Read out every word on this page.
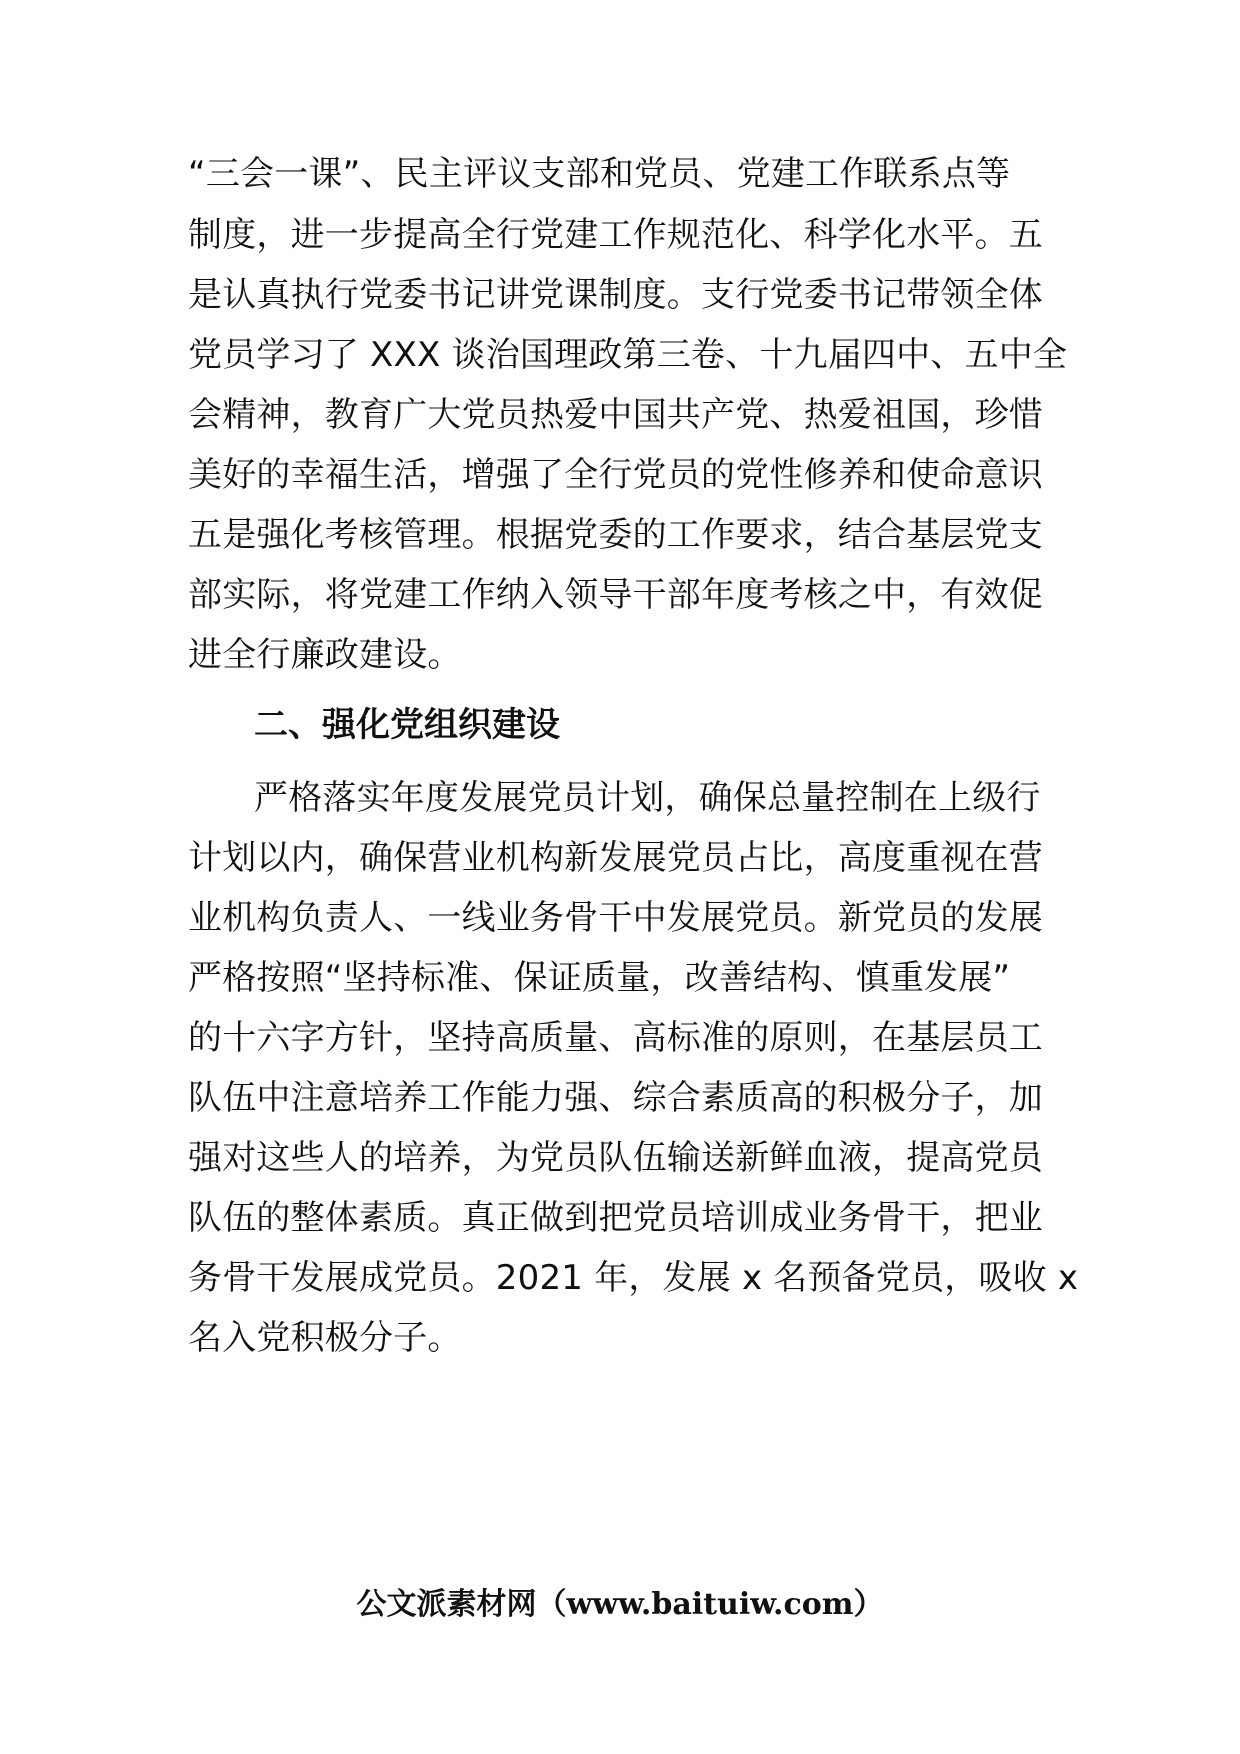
“三会一课”、民主评议支部和党员、党建工作联系点等
制度，进一步提高全行党建工作规范化、科学化水平。五
是认真执行党委书记讲党课制度。支行党委书记带领全体
党员学习了 XXX 谈治国理政第三卷、十九届四中、五中全
会精神，教育广大党员热爱中国共产党、热爱祖国，珍惜
美好的幸福生活，增强了全行党员的党性修养和使命意识
五是强化考核管理。根据党委的工作要求，结合基层党支
部实际，将党建工作纳入领导干部年度考核之中，有效促
进全行廉政建设。
二、强化党组织建设
严格落实年度发展党员计划，确保总量控制在上级行
计划以内，确保营业机构新发展党员占比，高度重视在营
业机构负责人、一线业务骨干中发展党员。新党员的发展
严格按照“坚持标准、保证质量，改善结构、慎重发展”
的十六字方针，坚持高质量、高标准的原则，在基层员工
队伍中注意培养工作能力强、综合素质高的积极分子，加
强对这些人的培养，为党员队伍输送新鲜血液，提高党员
队伍的整体素质。真正做到把党员培训成业务骨干，把业
务骨干发展成党员。2021 年，发展 x 名预备党员，吸收 x
名入党积极分子。
公文派素材网（www.baituiw.com）
